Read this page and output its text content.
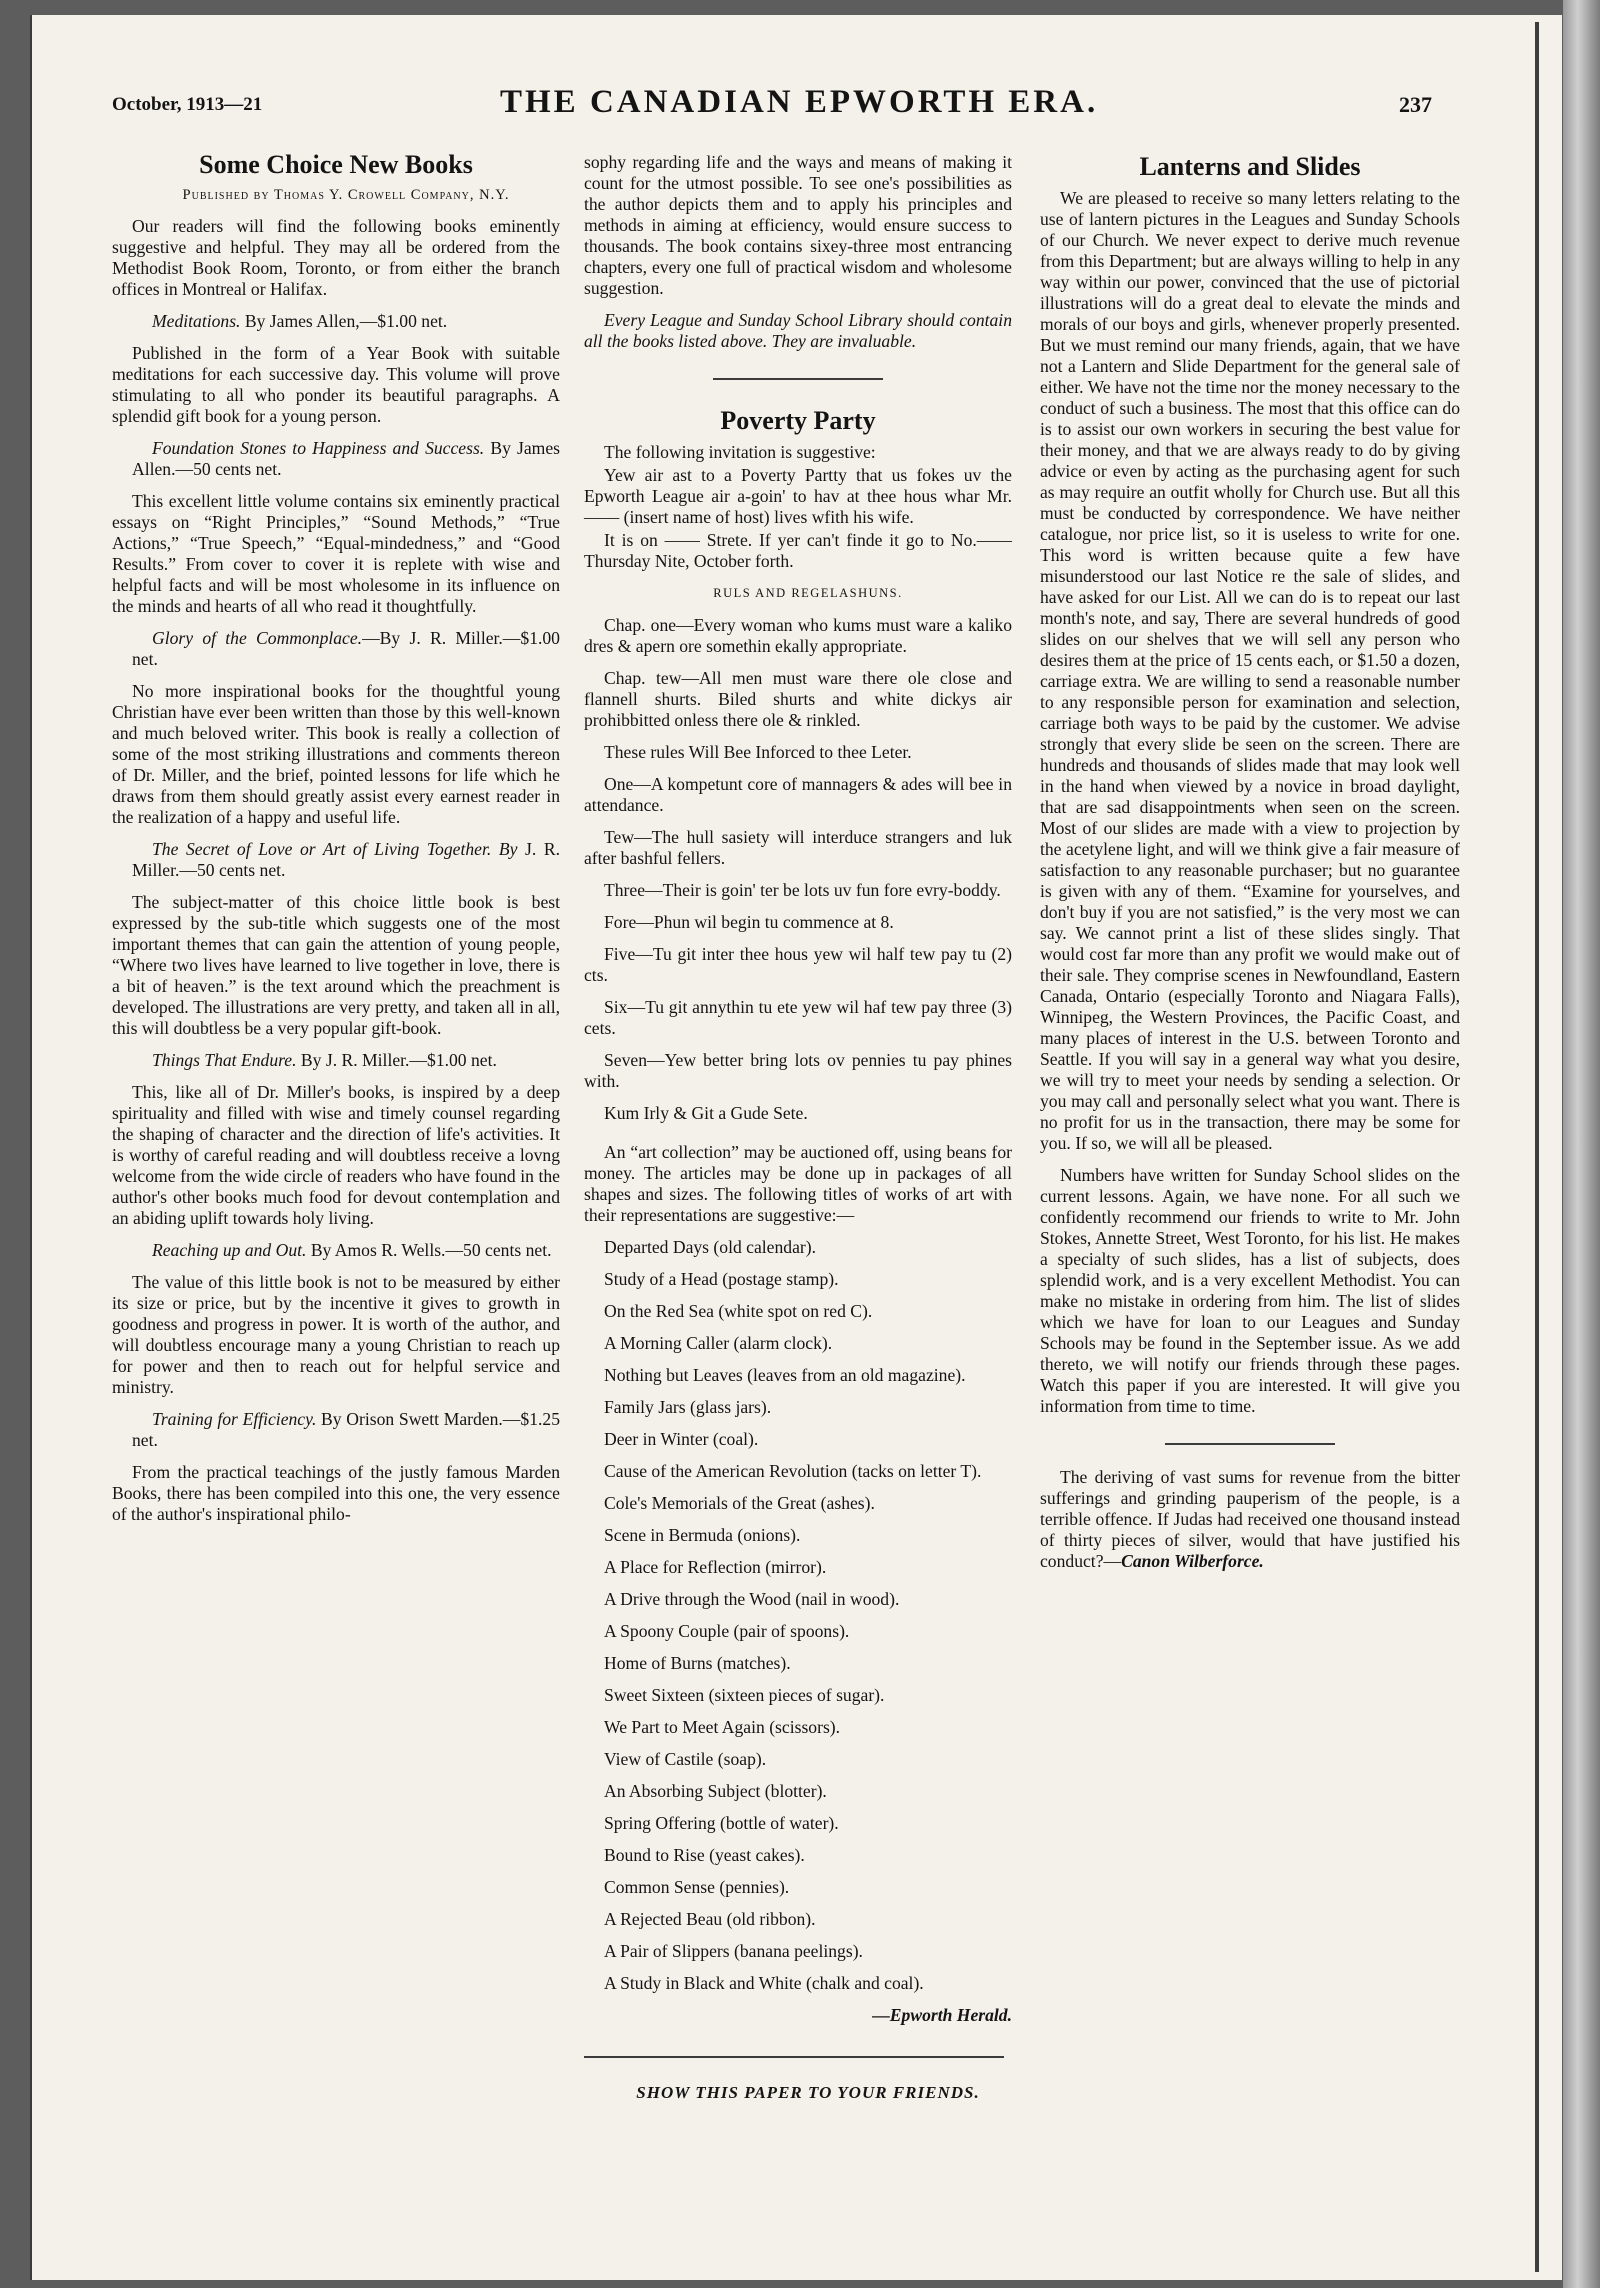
October, 1913—21	THE CANADIAN EPWORTH ERA.	237
Some Choice New Books

Published by Thomas Y. Crowell Company, N.Y.

Our readers will find the following books eminently suggestive and helpful. They may all be ordered from the Methodist Book Room, Toronto, or from either the branch offices in Montreal or Halifax.

Meditations. By James Allen,—$1.00 net.

Published in the form of a Year Book with suitable meditations for each successive day. This volume will prove stimulating to all who ponder its beautiful paragraphs. A splendid gift book for a young person.

Foundation Stones to Happiness and Success. By James Allen.—50 cents net.

This excellent little volume contains six eminently practical essays on “Right Principles,” “Sound Methods,” “True Actions,” “True Speech,” “Equal-mindedness,” and “Good Results.” From cover to cover it is replete with wise and helpful facts and will be most wholesome in its influence on the minds and hearts of all who read it thoughtfully.

Glory of the Commonplace.—By J. R. Miller.—$1.00 net.

No more inspirational books for the thoughtful young Christian have ever been written than those by this well-known and much beloved writer. This book is really a collection of some of the most striking illustrations and comments thereon of Dr. Miller, and the brief, pointed lessons for life which he draws from them should greatly assist every earnest reader in the realization of a happy and useful life.

The Secret of Love or Art of Living Together. By J. R. Miller.—50 cents net.

The subject-matter of this choice little book is best expressed by the sub-title which suggests one of the most important themes that can gain the attention of young people, “Where two lives have learned to live together in love, there is a bit of heaven.” is the text around which the preachment is developed. The illustrations are very pretty, and taken all in all, this will doubtless be a very popular gift-book.

Things That Endure. By J. R. Miller.—$1.00 net.

This, like all of Dr. Miller's books, is inspired by a deep spirituality and filled with wise and timely counsel regarding the shaping of character and the direction of life's activities. It is worthy of careful reading and will doubtless receive a lovng welcome from the wide circle of readers who have found in the author's other books much food for devout contemplation and an abiding uplift towards holy living.

Reaching up and Out. By Amos R. Wells.—50 cents net.

The value of this little book is not to be measured by either its size or price, but by the incentive it gives to growth in goodness and progress in power. It is worth of the author, and will doubtless encourage many a young Christian to reach up for power and then to reach out for helpful service and ministry.

Training for Efficiency. By Orison Swett Marden.—$1.25 net.

From the practical teachings of the justly famous Marden Books, there has been compiled into this one, the very essence of the author's inspirational philo-

sophy regarding life and the ways and means of making it count for the utmost possible. To see one's possibilities as the author depicts them and to apply his principles and methods in aiming at efficiency, would ensure success to thousands. The book contains sixey-three most entrancing chapters, every one full of practical wisdom and wholesome suggestion.

Every League and Sunday School Library should contain all the books listed above. They are invaluable.

Poverty Party

The following invitation is suggestive:

Yew air ast to a Poverty Partty that us fokes uv the Epworth League air a-goin' to hav at thee hous whar Mr. —— (insert name of host) lives wfith his wife.

It is on —— Strete. If yer can't finde it go to No.—— Thursday Nite, October forth.

RULS AND REGELASHUNS.

Chap. one—Every woman who kums must ware a kaliko dres & apern ore somethin ekally appropriate.

Chap. tew—All men must ware there ole close and flannell shurts. Biled shurts and white dickys air prohibbitted onless there ole & rinkled.

These rules Will Bee Inforced to thee Leter.

One—A kompetunt core of mannagers & ades will bee in attendance.

Tew—The hull sasiety will interduce strangers and luk after bashful fellers.

Three—Their is goin' ter be lots uv fun fore evry-boddy.

Fore—Phun wil begin tu commence at 8.

Five—Tu git inter thee hous yew wil half tew pay tu (2) cts.

Six—Tu git annythin tu ete yew wil haf tew pay three (3) cets.

Seven—Yew better bring lots ov pennies tu pay phines with.

Kum Irly & Git a Gude Sete.

An “art collection” may be auctioned off, using beans for money. The articles may be done up in packages of all shapes and sizes. The following titles of works of art with their representations are suggestive:—

Departed Days (old calendar).

Study of a Head (postage stamp).

On the Red Sea (white spot on red C).

A Morning Caller (alarm clock).

Nothing but Leaves (leaves from an old magazine).

Family Jars (glass jars).

Deer in Winter (coal).

Cause of the American Revolution (tacks on letter T).

Cole's Memorials of the Great (ashes).

Scene in Bermuda (onions).

A Place for Reflection (mirror).

A Drive through the Wood (nail in wood).

A Spoony Couple (pair of spoons).

Home of Burns (matches).

Sweet Sixteen (sixteen pieces of sugar).

We Part to Meet Again (scissors).

View of Castile (soap).

An Absorbing Subject (blotter).

Spring Offering (bottle of water).

Bound to Rise (yeast cakes).

Common Sense (pennies).

A Rejected Beau (old ribbon).

A Pair of Slippers (banana peelings).

A Study in Black and White (chalk and coal).

—Epworth Herald.

SHOW THIS PAPER TO YOUR FRIENDS.

Lanterns and Slides

We are pleased to receive so many letters relating to the use of lantern pictures in the Leagues and Sunday Schools of our Church. We never expect to derive much revenue from this Department; but are always willing to help in any way within our power, convinced that the use of pictorial illustrations will do a great deal to elevate the minds and morals of our boys and girls, whenever properly presented. But we must remind our many friends, again, that we have not a Lantern and Slide Department for the general sale of either. We have not the time nor the money necessary to the conduct of such a business. The most that this office can do is to assist our own workers in securing the best value for their money, and that we are always ready to do by giving advice or even by acting as the purchasing agent for such as may require an outfit wholly for Church use. But all this must be conducted by correspondence. We have neither catalogue, nor price list, so it is useless to write for one. This word is written because quite a few have misunderstood our last Notice re the sale of slides, and have asked for our List. All we can do is to repeat our last month's note, and say, There are several hundreds of good slides on our shelves that we will sell any person who desires them at the price of 15 cents each, or $1.50 a dozen, carriage extra. We are willing to send a reasonable number to any responsible person for examination and selection, carriage both ways to be paid by the customer. We advise strongly that every slide be seen on the screen. There are hundreds and thousands of slides made that may look well in the hand when viewed by a novice in broad daylight, that are sad disappointments when seen on the screen. Most of our slides are made with a view to projection by the acetylene light, and will we think give a fair measure of satisfaction to any reasonable purchaser; but no guarantee is given with any of them. “Examine for yourselves, and don't buy if you are not satisfied,” is the very most we can say. We cannot print a list of these slides singly. That would cost far more than any profit we would make out of their sale. They comprise scenes in Newfoundland, Eastern Canada, Ontario (especially Toronto and Niagara Falls), Winnipeg, the Western Provinces, the Pacific Coast, and many places of interest in the U.S. between Toronto and Seattle. If you will say in a general way what you desire, we will try to meet your needs by sending a selection. Or you may call and personally select what you want. There is no profit for us in the transaction, there may be some for you. If so, we will all be pleased.

Numbers have written for Sunday School slides on the current lessons. Again, we have none. For all such we confidently recommend our friends to write to Mr. John Stokes, Annette Street, West Toronto, for his list. He makes a specialty of such slides, has a list of subjects, does splendid work, and is a very excellent Methodist. You can make no mistake in ordering from him. The list of slides which we have for loan to our Leagues and Sunday Schools may be found in the September issue. As we add thereto, we will notify our friends through these pages. Watch this paper if you are interested. It will give you information from time to time.

The deriving of vast sums for revenue from the bitter sufferings and grinding pauperism of the people, is a terrible offence. If Judas had received one thousand instead of thirty pieces of silver, would that have justified his conduct?—Canon Wilberforce.
